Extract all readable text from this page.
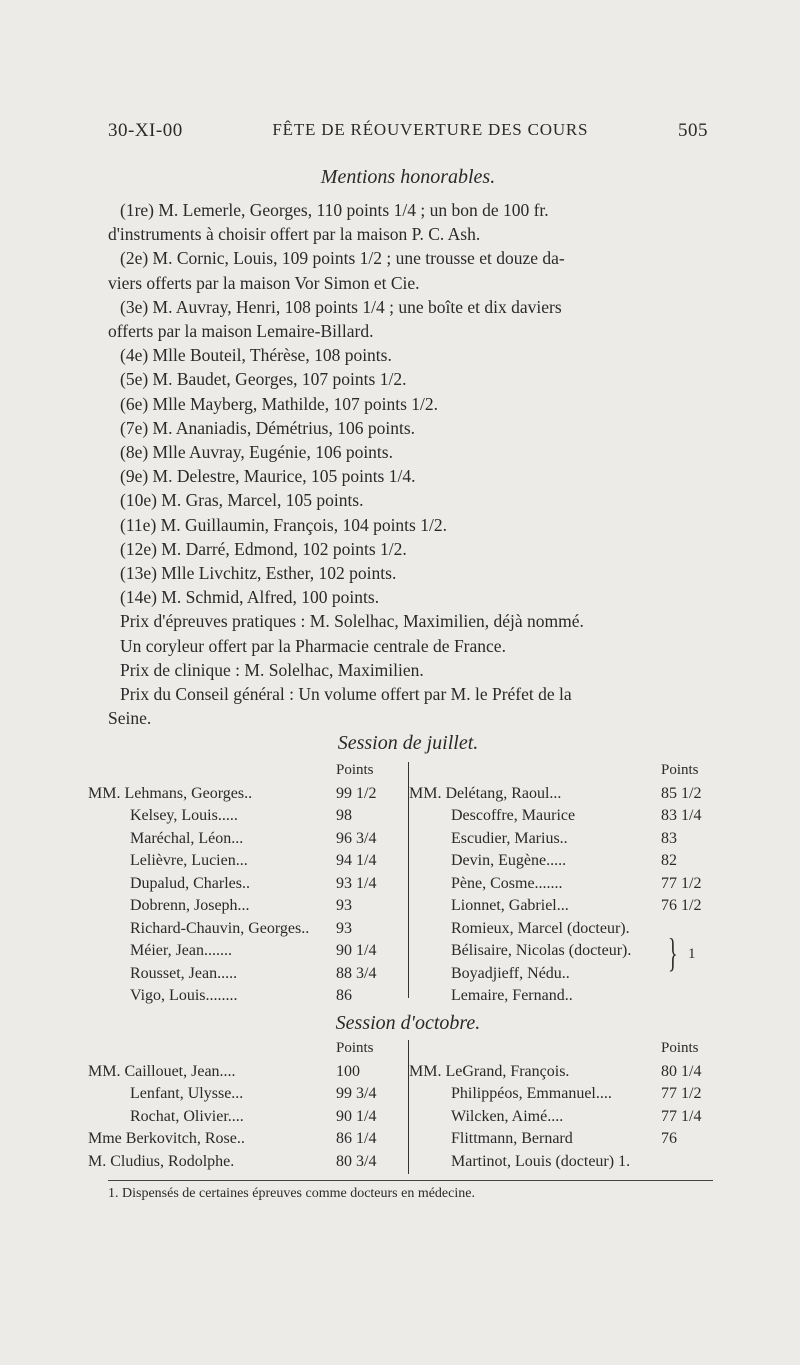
30-XI-00	FÊTE DE RÉOUVERTURE DES COURS	505
Mentions honorables.

(1re) M. Lemerle, Georges, 110 points 1/4 ; un bon de 100 fr.

d'instruments à choisir offert par la maison P. C. Ash.

(2e) M. Cornic, Louis, 109 points 1/2 ; une trousse et douze da-

viers offerts par la maison Vor Simon et Cie.

(3e) M. Auvray, Henri, 108 points 1/4 ; une boîte et dix daviers

offerts par la maison Lemaire-Billard.

(4e) Mlle Bouteil, Thérèse, 108 points.

(5e) M. Baudet, Georges, 107 points 1/2.

(6e) Mlle Mayberg, Mathilde, 107 points 1/2.

(7e) M. Ananiadis, Démétrius, 106 points.

(8e) Mlle Auvray, Eugénie, 106 points.

(9e) M. Delestre, Maurice, 105 points 1/4.

(10e) M. Gras, Marcel, 105 points.

(11e) M. Guillaumin, François, 104 points 1/2.

(12e) M. Darré, Edmond, 102 points 1/2.

(13e) Mlle Livchitz, Esther, 102 points.

(14e) M. Schmid, Alfred, 100 points.

Prix d'épreuves pratiques : M. Solelhac, Maximilien, déjà nommé.

Un coryleur offert par la Pharmacie centrale de France.

Prix de clinique : M. Solelhac, Maximilien.

Prix du Conseil général : Un volume offert par M. le Préfet de la

Seine.

Session de juillet.
Points
MM. Lehmans, Georges..	99 1/2
Kelsey, Louis.....	98
Maréchal, Léon...	96 3/4
Lelièvre, Lucien...	94 1/4
Dupalud, Charles..	93 1/4
Dobrenn, Joseph...	93
Richard-Chauvin, Georges.. 93
Méier, Jean.......	90 1/4
Rousset, Jean.....	88 3/4
Vigo, Louis........	86
Points
MM. Delétang, Raoul...	85 1/2
Descoffre, Maurice	83 1/4
Escudier, Marius..	83
Devin, Eugène.....	82
Pène, Cosme.......	77 1/2
Lionnet, Gabriel...	76 1/2
Romieux, Marcel (docteur).
Bélisaire, Nicolas (docteur).
Boyadjieff, Nédu..
Lemaire, Fernand..
} 1
Session d'octobre.
Points
MM. Caillouet, Jean....	100
Lenfant, Ulysse...	99 3/4
Rochat, Olivier....	90 1/4
Mme Berkovitch, Rose..	86 1/4
M. Cludius, Rodolphe.	80 3/4
Points
MM. LeGrand, François.	80 1/4
Philippéos, Emmanuel....	77 1/2
Wilcken, Aimé....	77 1/4
Flittmann, Bernard	76
Martinot, Louis (docteur) 1.
1. Dispensés de certaines épreuves comme docteurs en médecine.
